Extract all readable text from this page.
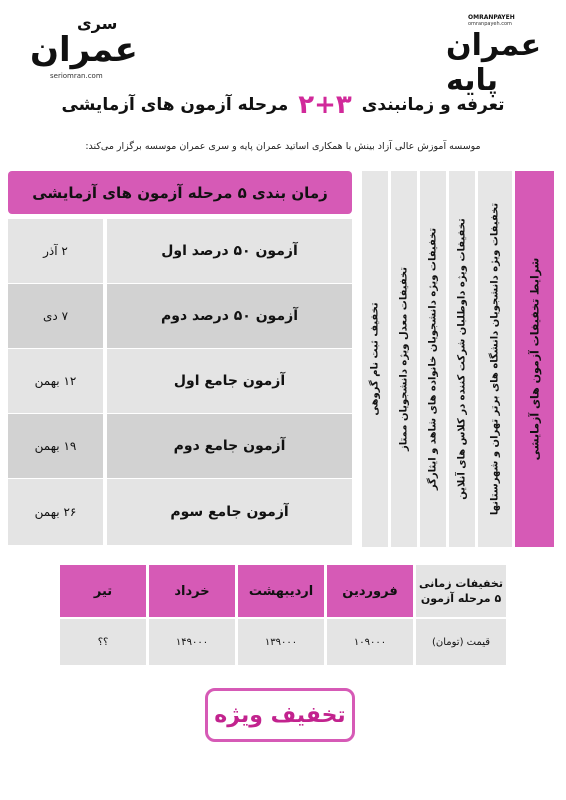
سری
عمران
seriomran.com
OMRANPAYEH
omranpayeh.com
عمران پایه
تعرفه و زمانبندی
۲+۳
مرحله آزمون های آزمایشی
موسسه آموزش عالی آزاد بینش با همکاری اساتید عمران پایه و سری عمران موسسه برگزار می‌کند:
زمان بندی ۵ مرحله آزمون های آزمایشی
۲ آذر	آزمون ۵۰ درصد اول
۷ دی	آزمون ۵۰ درصد دوم
۱۲ بهمن	آزمون جامع اول
۱۹ بهمن	آزمون جامع دوم
۲۶ بهمن	آزمون جامع سوم
تخفیف ثبت نام گروهی تخفیفات معدل ویژه دانشجویان ممتاز تخفیفات ویژه دانشجویان خانواده های شاهد و ایثارگر تخفیفات ویژه داوطلبان شرکت کننده در کلاس های آنلاین تخفیفات ویژه دانشجویان دانشگاه های برتر تهران و شهرستانها	شرایط تخفیفات آزمون های آزمایشی
تیر	خرداد	اردیبهشت	فروردین	تخفیفات زمانی ۵ مرحله آزمون
؟؟	۱۴۹۰۰۰	۱۳۹۰۰۰	۱۰۹۰۰۰	قیمت (تومان)
تخفیف ویژه
